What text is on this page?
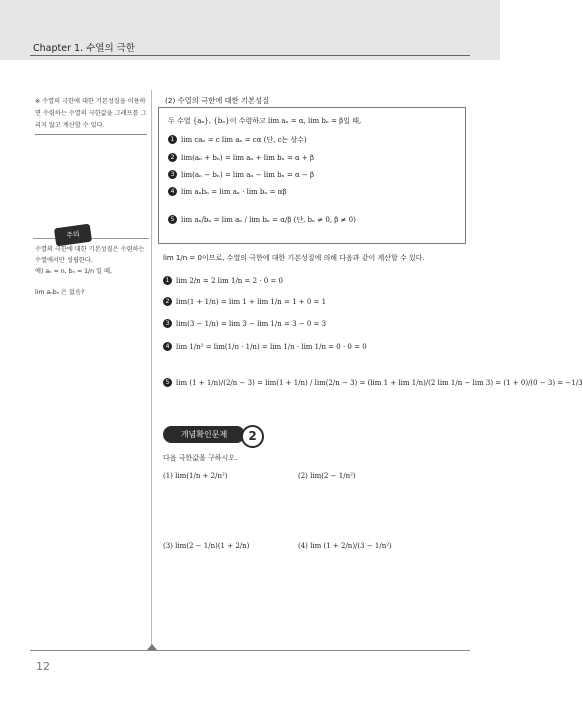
Chapter 1. 수열의 극한
※ 수열의 극한에 대한 기본성질을 이용하면 수렴하는 수열의 극한값을 그래프를 그리지 않고 계산할 수 있다.
주의
수열의 극한에 대한 기본성질은 수렴하는 수열에서만 성립한다.
예) aₙ = n, bₙ = 1/n 일 때,
lim aₙbₙ 은 없음?
(2) 수열의 극한에 대한 기본성질
두 수열 {aₙ}, {bₙ}이 수렴하고 lim aₙ = α, lim bₙ = β일 때,
1 lim caₙ = c lim aₙ = cα (단, c는 상수)
2 lim(aₙ + bₙ) = lim aₙ + lim bₙ = α + β
3 lim(aₙ − bₙ) = lim aₙ − lim bₙ = α − β
4 lim aₙbₙ = lim aₙ · lim bₙ = αβ
5 lim aₙ/bₙ = lim aₙ / lim bₙ = α/β (단, bₙ ≠ 0, β ≠ 0)
lim 1/n = 0이므로, 수열의 극한에 대한 기본성질에 의해 다음과 같이 계산할 수 있다.
1 lim 2/n = 2 lim 1/n = 2 · 0 = 0
2 lim(1 + 1/n) = lim 1 + lim 1/n = 1 + 0 = 1
3 lim(3 − 1/n) = lim 3 − lim 1/n = 3 − 0 = 3
4 lim 1/n² = lim(1/n · 1/n) = lim 1/n · lim 1/n = 0 · 0 = 0
5 lim (1 + 1/n)/(2/n − 3) = lim(1 + 1/n) / lim(2/n − 3) = (lim 1 + lim 1/n)/(2 lim 1/n − lim 3) = (1 + 0)/(0 − 3) = −1/3
개념확인문제	2
다음 극한값을 구하시오.
(1) lim(1/n + 2/n²)	(2) lim(2 − 1/n²)
(3) lim(2 − 1/n)(1 + 2/n)	(4) lim (1 + 2/n)/(3 − 1/n²)
12
